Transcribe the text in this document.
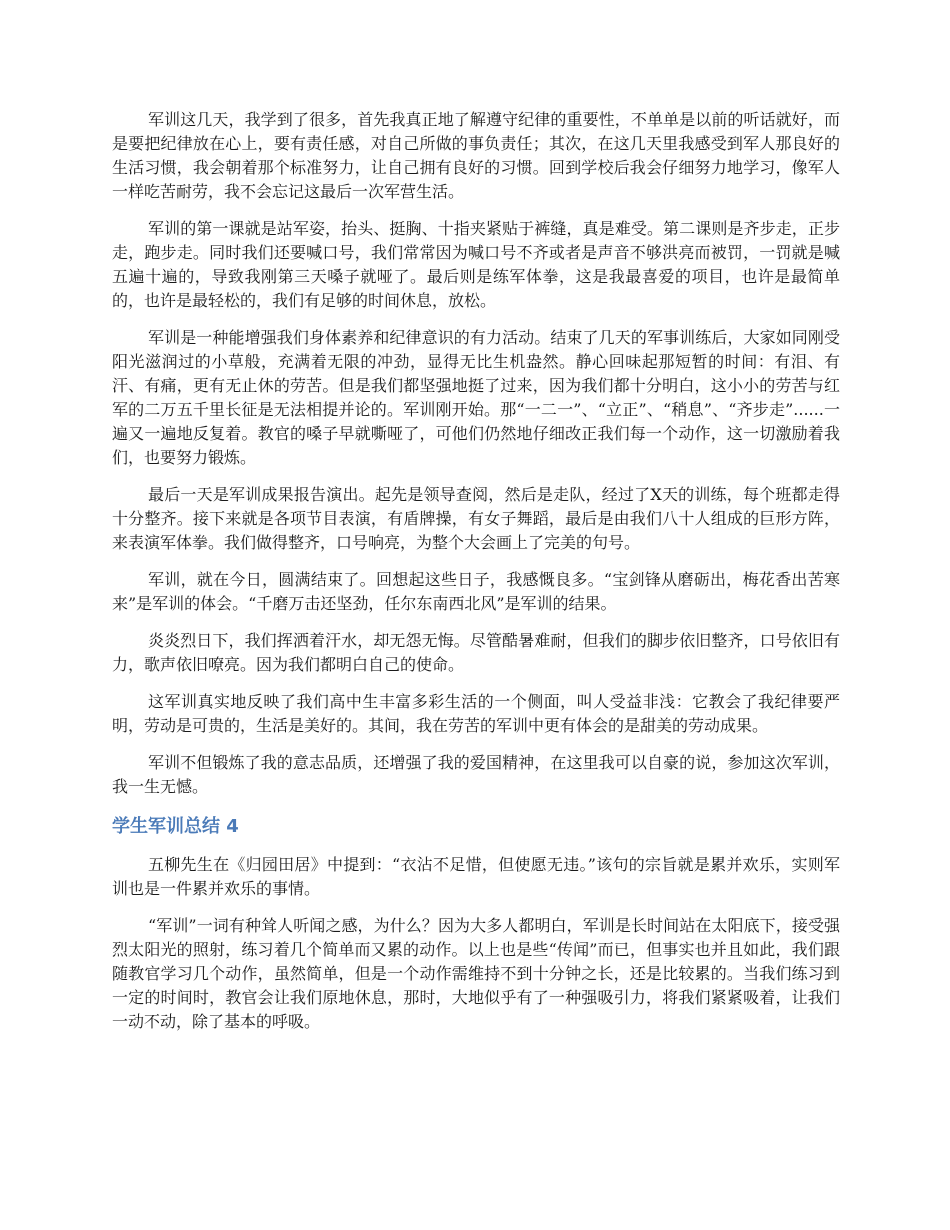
军训这几天，我学到了很多，首先我真正地了解遵守纪律的重要性，不单单是以前的听话就好，而是要把纪律放在心上，要有责任感，对自己所做的事负责任；其次，在这几天里我感受到军人那良好的生活习惯，我会朝着那个标准努力，让自己拥有良好的习惯。回到学校后我会仔细努力地学习，像军人一样吃苦耐劳，我不会忘记这最后一次军营生活。

军训的第一课就是站军姿，抬头、挺胸、十指夹紧贴于裤缝，真是难受。第二课则是齐步走，正步走，跑步走。同时我们还要喊口号，我们常常因为喊口号不齐或者是声音不够洪亮而被罚，一罚就是喊五遍十遍的，导致我刚第三天嗓子就哑了。最后则是练军体拳，这是我最喜爱的项目，也许是最简单的，也许是最轻松的，我们有足够的时间休息，放松。

军训是一种能增强我们身体素养和纪律意识的有力活动。结束了几天的军事训练后，大家如同刚受阳光滋润过的小草般，充满着无限的冲劲，显得无比生机盎然。静心回味起那短暂的时间：有泪、有汗、有痛，更有无止休的劳苦。但是我们都坚强地挺了过来，因为我们都十分明白，这小小的劳苦与红军的二万五千里长征是无法相提并论的。军训刚开始。那“一二一”、“立正”、“稍息”、“齐步走”......一遍又一遍地反复着。教官的嗓子早就嘶哑了，可他们仍然地仔细改正我们每一个动作，这一切激励着我们，也要努力锻炼。

最后一天是军训成果报告演出。起先是领导查阅，然后是走队，经过了X天的训练，每个班都走得十分整齐。接下来就是各项节目表演，有盾牌操，有女子舞蹈，最后是由我们八十人组成的巨形方阵，来表演军体拳。我们做得整齐，口号响亮，为整个大会画上了完美的句号。

军训，就在今日，圆满结束了。回想起这些日子，我感慨良多。“宝剑锋从磨砺出，梅花香出苦寒来”是军训的体会。“千磨万击还坚劲，任尔东南西北风”是军训的结果。

炎炎烈日下，我们挥洒着汗水，却无怨无悔。尽管酷暑难耐，但我们的脚步依旧整齐，口号依旧有力，歌声依旧嘹亮。因为我们都明白自己的使命。

这军训真实地反映了我们高中生丰富多彩生活的一个侧面，叫人受益非浅：它教会了我纪律要严明，劳动是可贵的，生活是美好的。其间，我在劳苦的军训中更有体会的是甜美的劳动成果。

军训不但锻炼了我的意志品质，还增强了我的爱国精神，在这里我可以自豪的说，参加这次军训，我一生无憾。

学生军训总结 4

五柳先生在《归园田居》中提到：“衣沾不足惜，但使愿无违。”该句的宗旨就是累并欢乐，实则军训也是一件累并欢乐的事情。

“军训”一词有种耸人听闻之感，为什么？因为大多人都明白，军训是长时间站在太阳底下，接受强烈太阳光的照射，练习着几个简单而又累的动作。以上也是些“传闻”而已，但事实也并且如此，我们跟随教官学习几个动作，虽然简单，但是一个动作需维持不到十分钟之长，还是比较累的。当我们练习到一定的时间时，教官会让我们原地休息，那时，大地似乎有了一种强吸引力，将我们紧紧吸着，让我们一动不动，除了基本的呼吸。
